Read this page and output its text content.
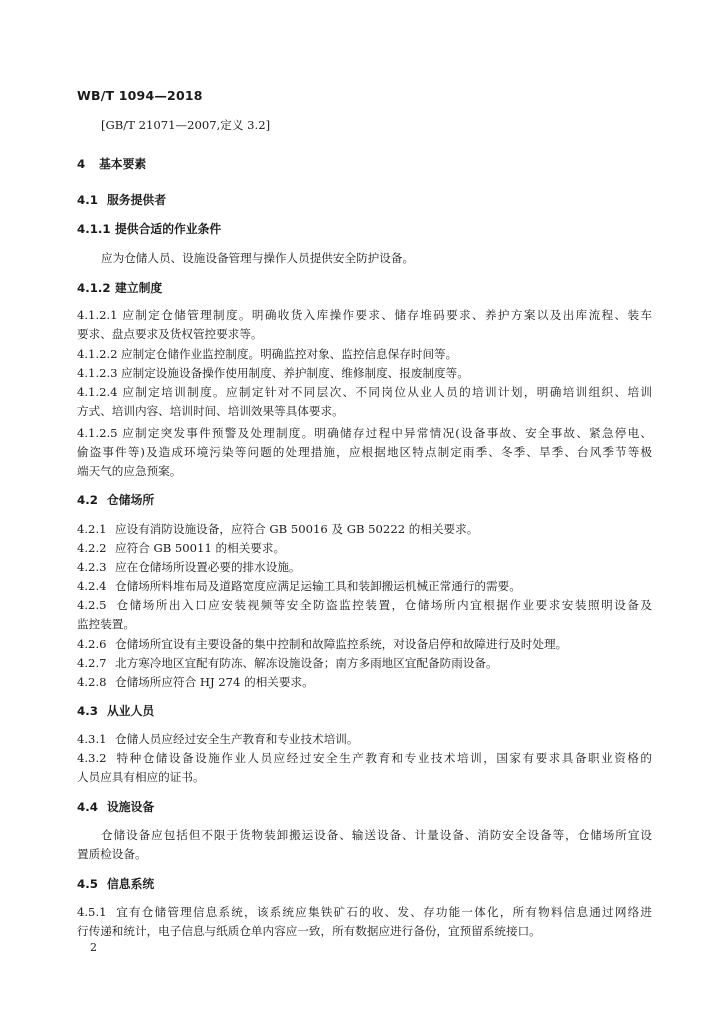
WB/T 1094—2018
[GB/T 21071—2007,定义 3.2]
4 基本要素
4.1 服务提供者
4.1.1 提供合适的作业条件
应为仓储人员、设施设备管理与操作人员提供安全防护设备。
4.1.2 建立制度
4.1.2.1 应制定仓储管理制度。明确收货入库操作要求、储存堆码要求、养护方案以及出库流程、装车
要求、盘点要求及货权管控要求等。
4.1.2.2 应制定仓储作业监控制度。明确监控对象、监控信息保存时间等。
4.1.2.3 应制定设施设备操作使用制度、养护制度、维修制度、报废制度等。
4.1.2.4 应制定培训制度。应制定针对不同层次、不同岗位从业人员的培训计划，明确培训组织、培训
方式、培训内容、培训时间、培训效果等具体要求。
4.1.2.5 应制定突发事件预警及处理制度。明确储存过程中异常情况(设备事故、安全事故、紧急停电、
偷盗事件等)及造成环境污染等问题的处理措施，应根据地区特点制定雨季、冬季、旱季、台风季节等极
端天气的应急预案。
4.2 仓储场所
4.2.1 应设有消防设施设备，应符合 GB 50016 及 GB 50222 的相关要求。
4.2.2 应符合 GB 50011 的相关要求。
4.2.3 应在仓储场所设置必要的排水设施。
4.2.4 仓储场所料堆布局及道路宽度应满足运输工具和装卸搬运机械正常通行的需要。
4.2.5 仓储场所出入口应安装视频等安全防盗监控装置，仓储场所内宜根据作业要求安装照明设备及
监控装置。
4.2.6 仓储场所宜设有主要设备的集中控制和故障监控系统，对设备启停和故障进行及时处理。
4.2.7 北方寒冷地区宜配有防冻、解冻设施设备；南方多雨地区宜配备防雨设备。
4.2.8 仓储场所应符合 HJ 274 的相关要求。
4.3 从业人员
4.3.1 仓储人员应经过安全生产教育和专业技术培训。
4.3.2 特种仓储设备设施作业人员应经过安全生产教育和专业技术培训，国家有要求具备职业资格的
人员应具有相应的证书。
4.4 设施设备
仓储设备应包括但不限于货物装卸搬运设备、输送设备、计量设备、消防安全设备等，仓储场所宜设
置质检设备。
4.5 信息系统
4.5.1 宜有仓储管理信息系统，该系统应集铁矿石的收、发、存功能一体化，所有物料信息通过网络进
行传递和统计，电子信息与纸质仓单内容应一致，所有数据应进行备份，宜预留系统接口。
2
